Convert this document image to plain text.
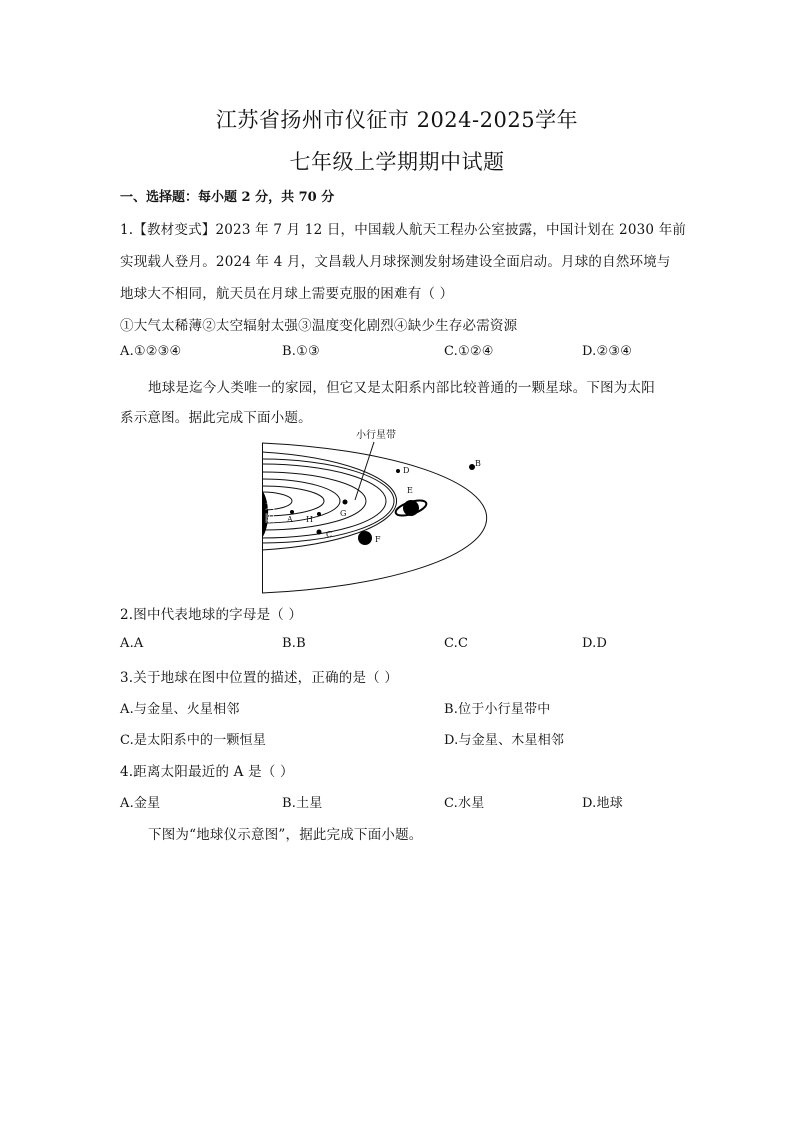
江苏省扬州市仪征市 2024-2025学年
七年级上学期期中试题
一、选择题：每小题 2 分，共 70 分
1.【教材变式】2023 年 7 月 12 日，中国载人航天工程办公室披露，中国计划在 2030 年前
实现载人登月。2024 年 4 月，文昌载人月球探测发射场建设全面启动。月球的自然环境与
地球大不相同，航天员在月球上需要克服的困难有（ ）
①大气太稀薄②太空辐射太强③温度变化剧烈④缺少生存必需资源
A.①②③④	B.①③	C.①②④	D.②③④
地球是迄今人类唯一的家园，但它又是太阳系内部比较普通的一颗星球。下图为太阳
系示意图。据此完成下面小题。
太
阳
小行星带
A H
C
G
D
E
F
B
2.图中代表地球的字母是（ ）
A.A	B.B	C.C	D.D
3.关于地球在图中位置的描述，正确的是（ ）
A.与金星、火星相邻	B.位于小行星带中
C.是太阳系中的一颗恒星	D.与金星、木星相邻
4.距离太阳最近的 A 是（ ）
A.金星	B.土星	C.水星	D.地球
下图为“地球仪示意图”，据此完成下面小题。
